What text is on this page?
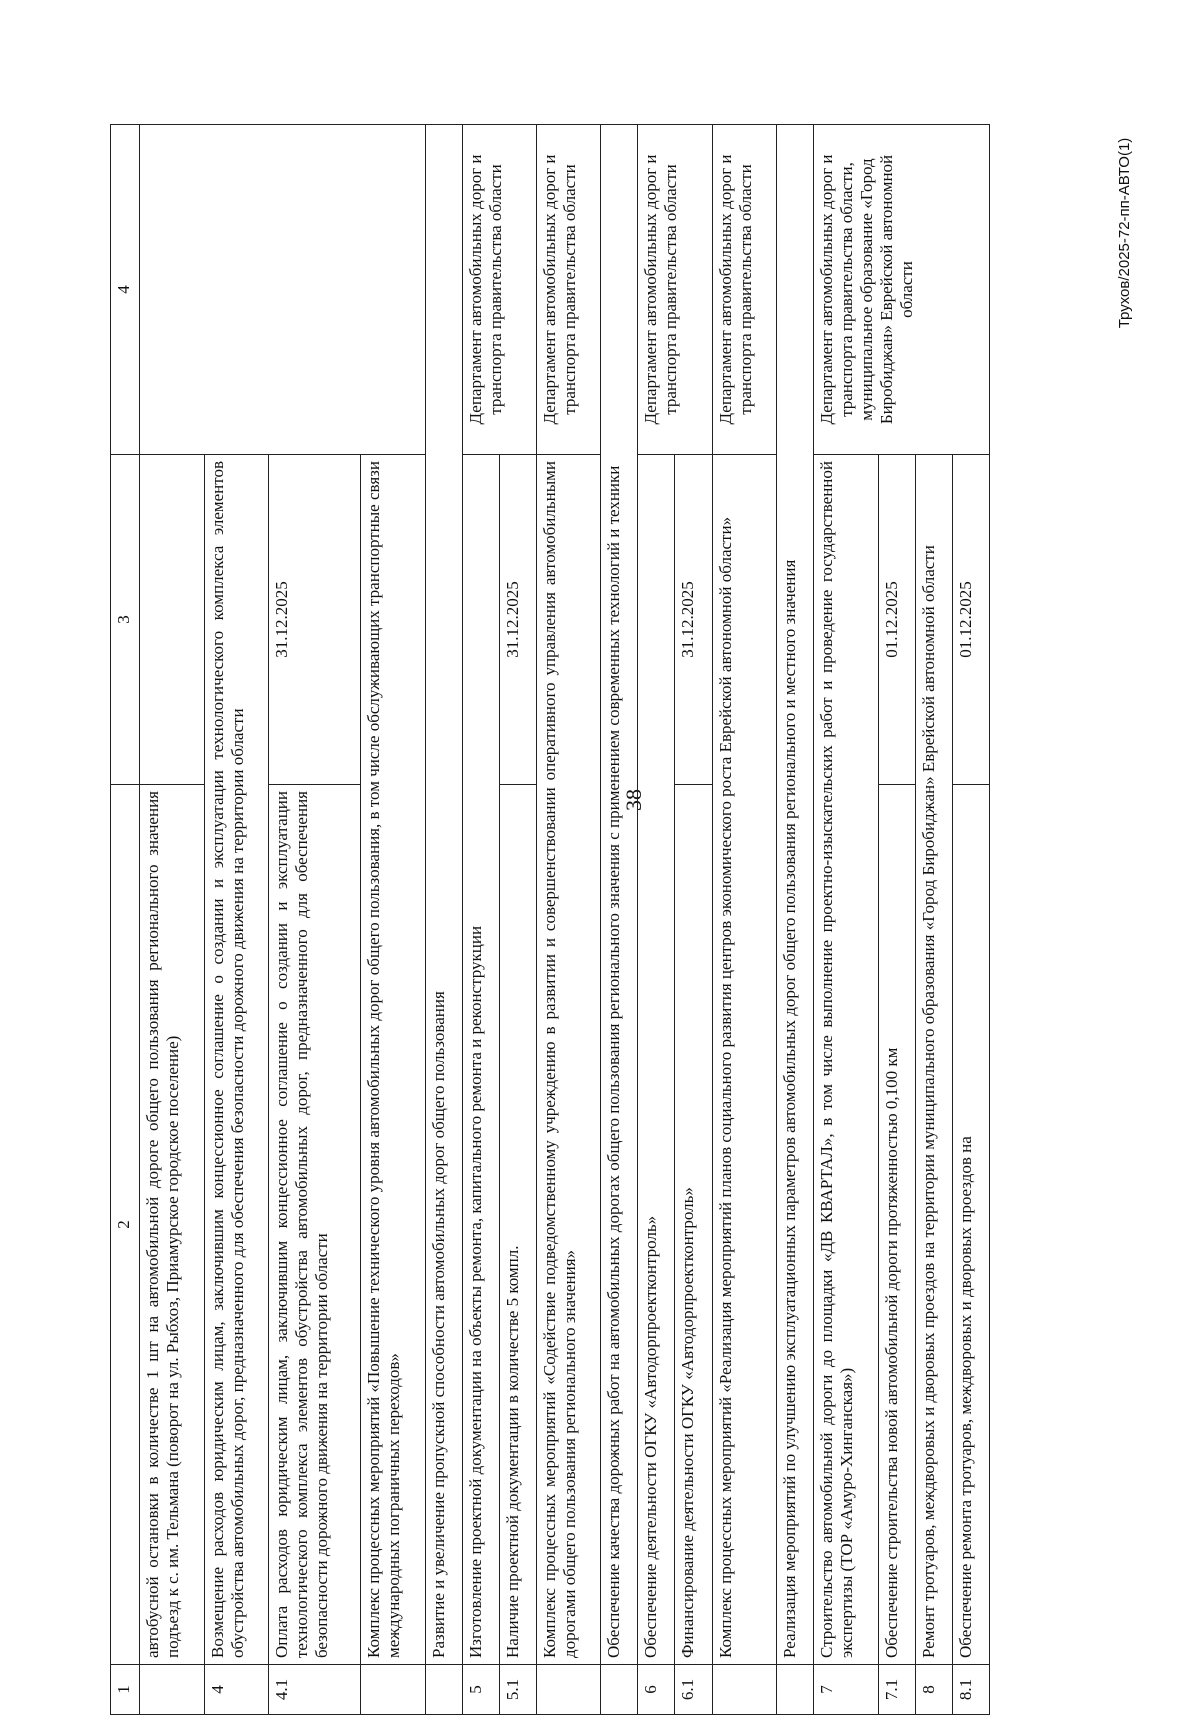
38
Трухов/2025-72-пп-АВТО(1)
1	2	3	4
	автобусной остановки в количестве 1 шт на автомобильной дороге общего пользования регионального значения подъезд к с. им. Тельмана (поворот на ул. Рыбхоз, Приамурское городское поселение)		
4	Возмещение расходов юридическим лицам, заключившим концессионное соглашение о создании и эксплуатации технологического комплекса элементов обустройства автомобильных дорог, предназначенного для обеспечения безопасности дорожного движения на территории области		
4.1	Оплата расходов юридическим лицам, заключившим концессионное соглашение о создании и эксплуатации технологического комплекса элементов обустройства автомобильных дорог, предназначенного для обеспечения безопасности дорожного движения на территории области	31.12.2025	
	Комплекс процессных мероприятий «Повышение технического уровня автомобильных дорог общего пользования, в том числе обслуживающих транспортные связи международных пограничных переходов»		
	Развитие и увеличение пропускной способности автомобильных дорог общего пользования		
5	Изготовление проектной документации на объекты ремонта, капитального ремонта и реконструкции		Департамент автомобильных дорог и транспорта правительства области
5.1	Наличие проектной документации в количестве 5 компл.	31.12.2025	
	Комплекс процессных мероприятий «Содействие подведомственному учреждению в развитии и совершенствовании оперативного управления автомобильными дорогами общего пользования регионального значения»		Департамент автомобильных дорог и транспорта правительства области
	Обеспечение качества дорожных работ на автомобильных дорогах общего пользования регионального значения с применением современных технологий и техники		
6	Обеспечение деятельности ОГКУ «Автодорпроектконтроль»		Департамент автомобильных дорог и транспорта правительства области
6.1	Финансирование деятельности ОГКУ «Автодорпроектконтроль»	31.12.2025	
	Комплекс процессных мероприятий «Реализация мероприятий планов социального развития центров экономического роста Еврейской автономной области»		Департамент автомобильных дорог и транспорта правительства области
	Реализация мероприятий по улучшению эксплуатационных параметров автомобильных дорог общего пользования регионального и местного значения		
7	Строительство автомобильной дороги до площадки «ДВ КВАРТАЛ», в том числе выполнение проектно-изыскательских работ и проведение государственной экспертизы (ТОР «Амуро-Хинганская»)		Департамент автомобильных дорог и транспорта правительства области, муниципальное образование «Город Биробиджан» Еврейской автономной области
7.1	Обеспечение строительства новой автомобильной дороги протяженностью 0,100 км	01.12.2025	
8	Ремонт тротуаров, междворовых и дворовых проездов на территории муниципального образования «Город Биробиджан» Еврейской автономной области		
8.1	Обеспечение ремонта тротуаров, междворовых и дворовых проездов на	01.12.2025	
